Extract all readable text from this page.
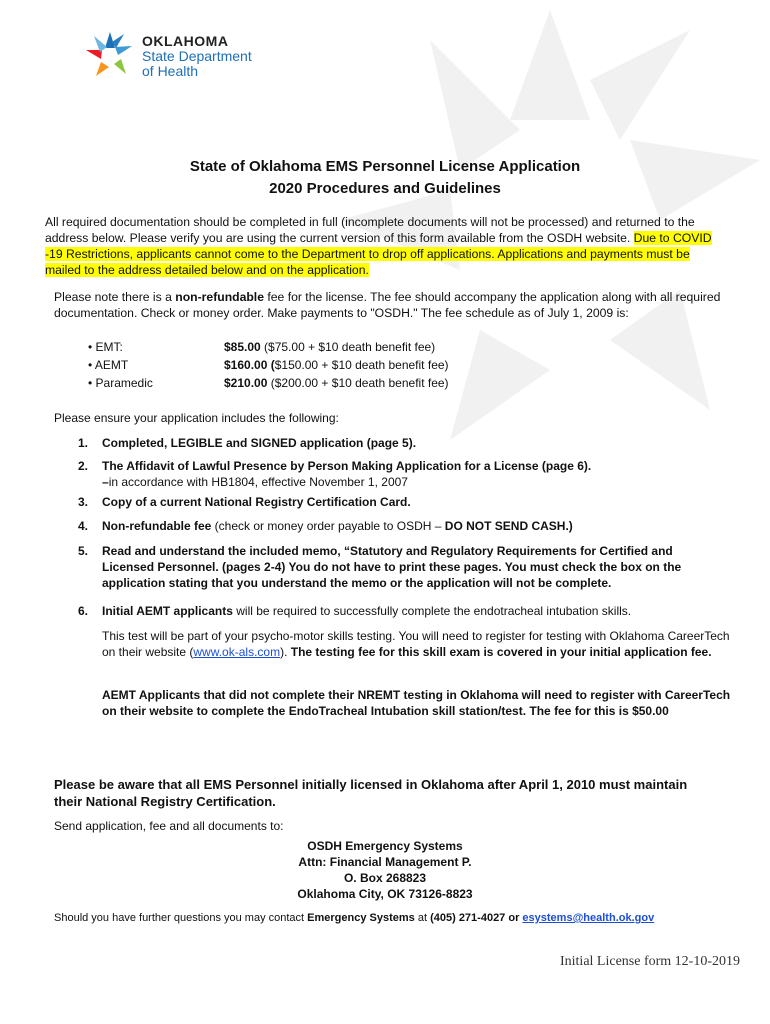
OKLAHOMA
State Department
of Health
State of Oklahoma EMS Personnel License Application
2020 Procedures and Guidelines
All required documentation should be completed in full (incomplete documents will not be processed) and returned to the address below. Please verify you are using the current version of this form available from the OSDH website. Due to COVID -19 Restrictions, applicants cannot come to the Department to drop off applications. Applications and payments must be mailed to the address detailed below and on the application.
Please note there is a non-refundable fee for the license. The fee should accompany the application along with all required documentation. Check or money order. Make payments to "OSDH." The fee schedule as of July 1, 2009 is:
• EMT:	$85.00 ($75.00 + $10 death benefit fee)
• AEMT	$160.00 ($150.00 + $10 death benefit fee)
• Paramedic	$210.00 ($200.00 + $10 death benefit fee)
Please ensure your application includes the following:
1.	Completed, LEGIBLE and SIGNED application (page 5).
2.	The Affidavit of Lawful Presence by Person Making Application for a License (page 6).
–in accordance with HB1804, effective November 1, 2007
3.	Copy of a current National Registry Certification Card.
4.	Non-refundable fee (check or money order payable to OSDH – DO NOT SEND CASH.)
5.	Read and understand the included memo, “Statutory and Regulatory Requirements for Certified and Licensed Personnel. (pages 2-4) You do not have to print these pages. You must check the box on the application stating that you understand the memo or the application will not be complete.
6.	Initial AEMT applicants will be required to successfully complete the endotracheal intubation skills.
This test will be part of your psycho-motor skills testing. You will need to register for testing with Oklahoma CareerTech on their website (www.ok-als.com). The testing fee for this skill exam is covered in your initial application fee.
AEMT Applicants that did not complete their NREMT testing in Oklahoma will need to register with CareerTech on their website to complete the EndoTracheal Intubation skill station/test. The fee for this is $50.00
Please be aware that all EMS Personnel initially licensed in Oklahoma after April 1, 2010 must maintain their National Registry Certification.
Send application, fee and all documents to:
OSDH Emergency Systems
Attn: Financial Management P.
O. Box 268823
Oklahoma City, OK 73126-8823
Should you have further questions you may contact Emergency Systems at (405) 271-4027 or esystems@health.ok.gov
Initial License form 12-10-2019
